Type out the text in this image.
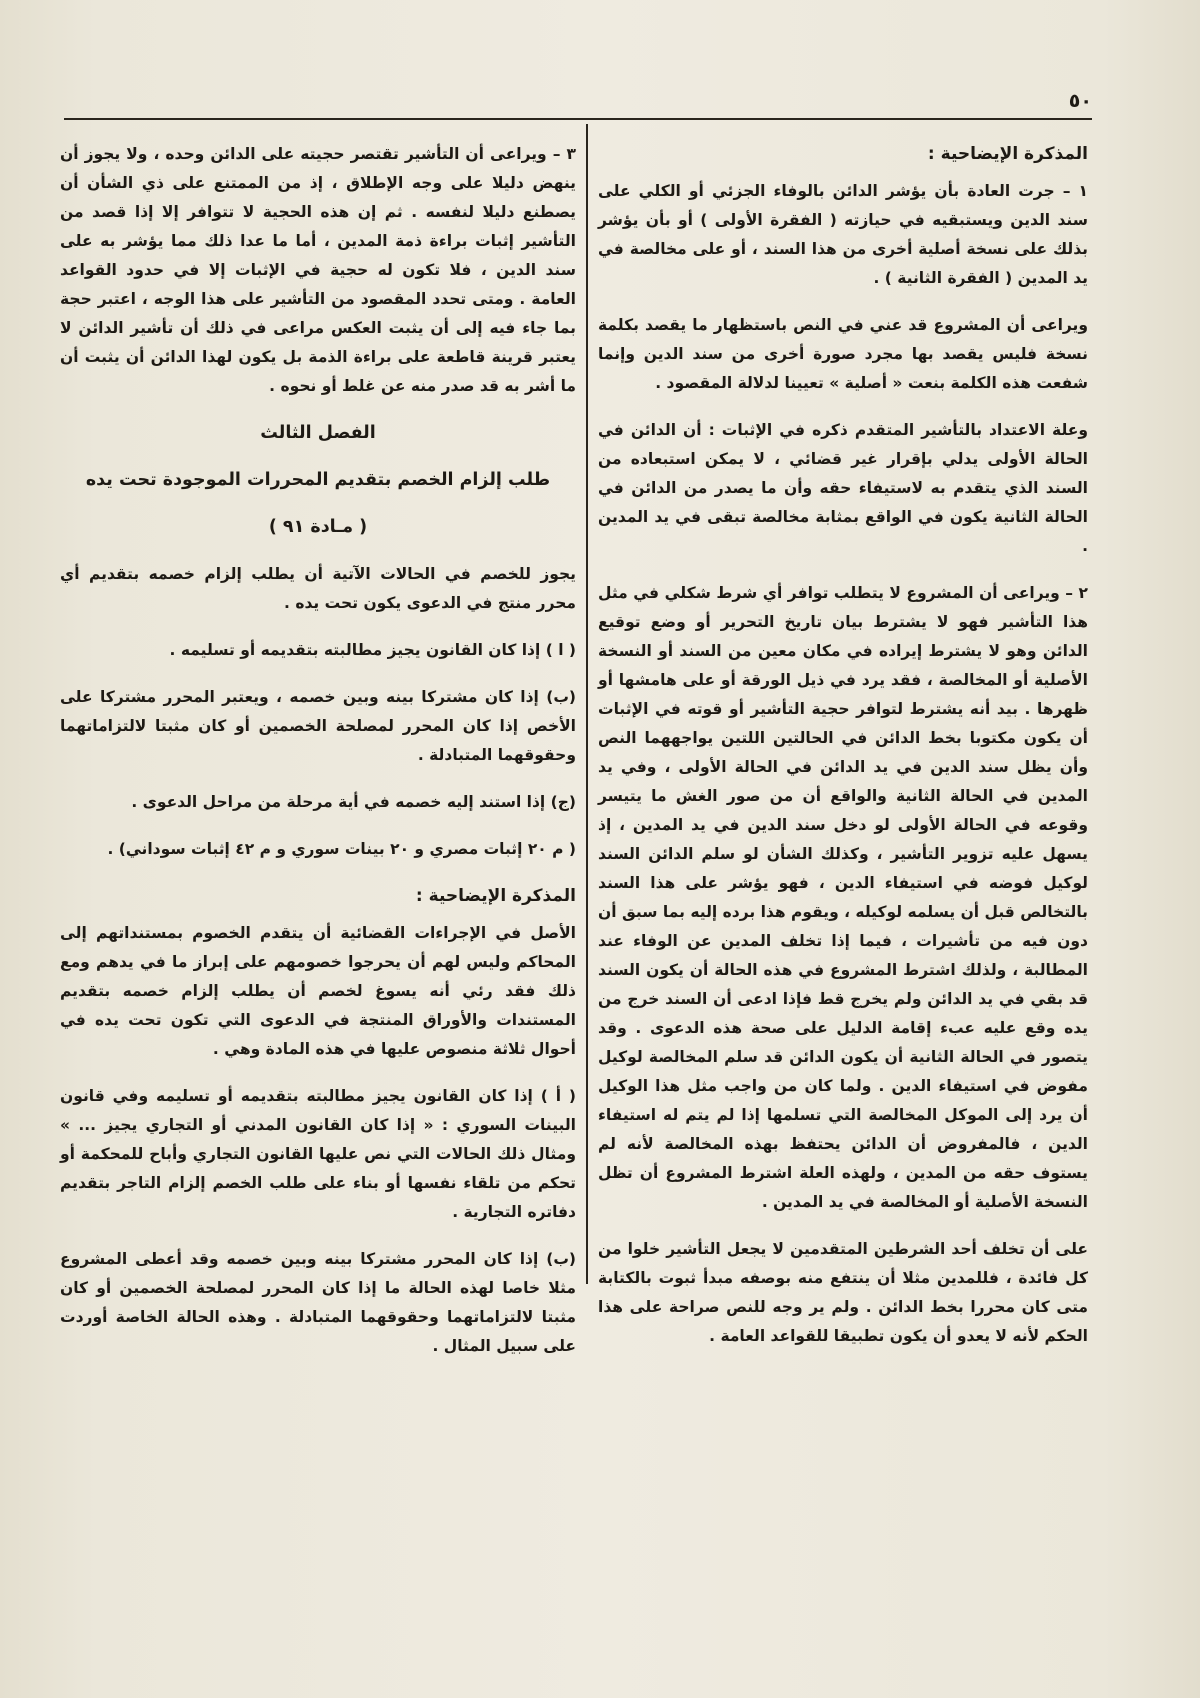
٥٠

المذكرة الإيضاحية :

١ – جرت العادة بأن يؤشر الدائن بالوفاء الجزئي أو الكلي على سند الدين ويستبقيه في حيازته ( الفقرة الأولى ) أو بأن يؤشر بذلك على نسخة أصلية أخرى من هذا السند ، أو على مخالصة في يد المدين ( الفقرة الثانية ) .

ويراعى أن المشروع قد عني في النص باستظهار ما يقصد بكلمة نسخة فليس يقصد بها مجرد صورة أخرى من سند الدين وإنما شفعت هذه الكلمة بنعت « أصلية » تعيينا لدلالة المقصود .

وعلة الاعتداد بالتأشير المتقدم ذكره في الإثبات : أن الدائن في الحالة الأولى يدلي بإقرار غير قضائي ، لا يمكن استبعاده من السند الذي يتقدم به لاستيفاء حقه وأن ما يصدر من الدائن في الحالة الثانية يكون في الواقع بمثابة مخالصة تبقى في يد المدين .

٢ – ويراعى أن المشروع لا يتطلب توافر أي شرط شكلي في مثل هذا التأشير فهو لا يشترط بيان تاريخ التحرير أو وضع توقيع الدائن وهو لا يشترط إيراده في مكان معين من السند أو النسخة الأصلية أو المخالصة ، فقد يرد في ذيل الورقة أو على هامشها أو ظهرها . بيد أنه يشترط لتوافر حجية التأشير أو قوته في الإثبات أن يكون مكتوبا بخط الدائن في الحالتين اللتين يواجههما النص وأن يظل سند الدين في يد الدائن في الحالة الأولى ، وفي يد المدين في الحالة الثانية والواقع أن من صور الغش ما يتيسر وقوعه في الحالة الأولى لو دخل سند الدين في يد المدين ، إذ يسهل عليه تزوير التأشير ، وكذلك الشأن لو سلم الدائن السند لوكيل فوضه في استيفاء الدين ، فهو يؤشر على هذا السند بالتخالص قبل أن يسلمه لوكيله ، ويقوم هذا برده إليه بما سبق أن دون فيه من تأشيرات ، فيما إذا تخلف المدين عن الوفاء عند المطالبة ، ولذلك اشترط المشروع في هذه الحالة أن يكون السند قد بقي في يد الدائن ولم يخرج قط فإذا ادعى أن السند خرج من يده وقع عليه عبء إقامة الدليل على صحة هذه الدعوى . وقد يتصور في الحالة الثانية أن يكون الدائن قد سلم المخالصة لوكيل مفوض في استيفاء الدين . ولما كان من واجب مثل هذا الوكيل أن يرد إلى الموكل المخالصة التي تسلمها إذا لم يتم له استيفاء الدين ، فالمفروض أن الدائن يحتفظ بهذه المخالصة لأنه لم يستوف حقه من المدين ، ولهذه العلة اشترط المشروع أن تظل النسخة الأصلية أو المخالصة في يد المدين .

على أن تخلف أحد الشرطين المتقدمين لا يجعل التأشير خلوا من كل فائدة ، فللمدين مثلا أن ينتفع منه بوصفه مبدأ ثبوت بالكتابة متى كان محررا بخط الدائن . ولم ير وجه للنص صراحة على هذا الحكم لأنه لا يعدو أن يكون تطبيقا للقواعد العامة .

٣ – ويراعى أن التأشير تقتصر حجيته على الدائن وحده ، ولا يجوز أن ينهض دليلا على وجه الإطلاق ، إذ من الممتنع على ذي الشأن أن يصطنع دليلا لنفسه . ثم إن هذه الحجية لا تتوافر إلا إذا قصد من التأشير إثبات براءة ذمة المدين ، أما ما عدا ذلك مما يؤشر به على سند الدين ، فلا تكون له حجية في الإثبات إلا في حدود القواعد العامة . ومتى تحدد المقصود من التأشير على هذا الوجه ، اعتبر حجة بما جاء فيه إلى أن يثبت العكس مراعى في ذلك أن تأشير الدائن لا يعتبر قرينة قاطعة على براءة الذمة بل يكون لهذا الدائن أن يثبت أن ما أشر به قد صدر منه عن غلط أو نحوه .

الفصل الثالث

طلب إلزام الخصم بتقديم المحررات الموجودة تحت يده

( مـادة ٩١ )

يجوز للخصم في الحالات الآتية أن يطلب إلزام خصمه بتقديم أي محرر منتج في الدعوى يكون تحت يده .

( ا ) إذا كان القانون يجيز مطالبته بتقديمه أو تسليمه .

(ب) إذا كان مشتركا بينه وبين خصمه ، ويعتبر المحرر مشتركا على الأخص إذا كان المحرر لمصلحة الخصمين أو كان مثبتا لالتزاماتهما وحقوقهما المتبادلة .

(ج) إذا استند إليه خصمه في أية مرحلة من مراحل الدعوى .

( م ٢٠ إثبات مصري و ٢٠ بينات سوري و م ٤٢ إثبات سوداني) .

المذكرة الإيضاحية :

الأصل في الإجراءات القضائية أن يتقدم الخصوم بمستنداتهم إلى المحاكم وليس لهم أن يحرجوا خصومهم على إبراز ما في يدهم ومع ذلك فقد رئي أنه يسوغ لخصم أن يطلب إلزام خصمه بتقديم المستندات والأوراق المنتجة في الدعوى التي تكون تحت يده في أحوال ثلاثة منصوص عليها في هذه المادة وهي .

( أ ) إذا كان القانون يجيز مطالبته بتقديمه أو تسليمه وفي قانون البينات السوري : « إذا كان القانون المدني أو التجاري يجيز ... » ومثال ذلك الحالات التي نص عليها القانون التجاري وأباح للمحكمة أو تحكم من تلقاء نفسها أو بناء على طلب الخصم إلزام التاجر بتقديم دفاتره التجارية .

(ب) إذا كان المحرر مشتركا بينه وبين خصمه وقد أعطى المشروع مثلا خاصا لهذه الحالة ما إذا كان المحرر لمصلحة الخصمين أو كان مثبتا لالتزاماتهما وحقوقهما المتبادلة . وهذه الحالة الخاصة أوردت على سبيل المثال .
